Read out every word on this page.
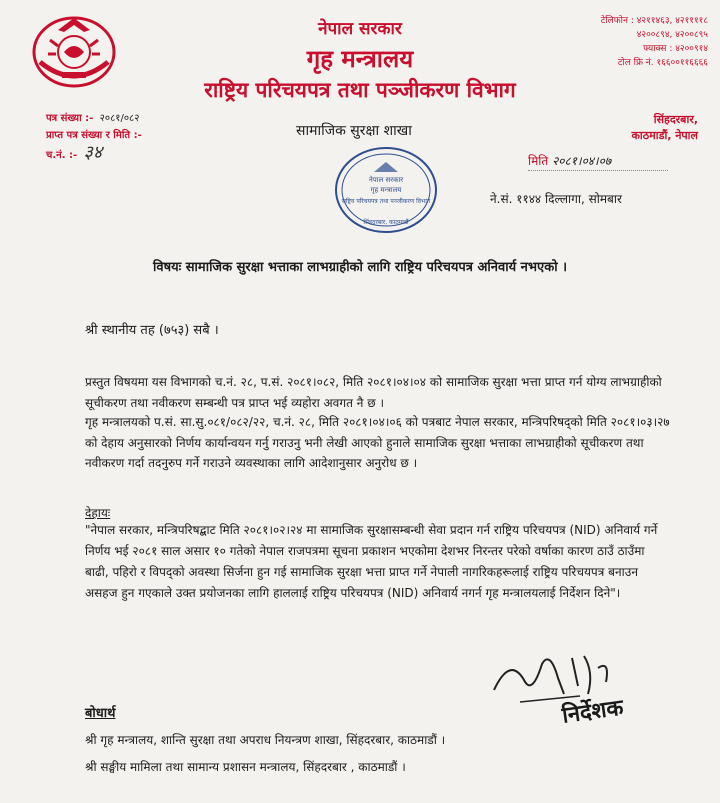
नेपाल सरकार
गृह मन्त्रालय
राष्ट्रिय परिचयपत्र तथा पञ्जीकरण विभाग
टेलिफोन : ४२११४६३, ४२११११८
४२००८९४, ४२००८९५
फ्याक्स : ४२००९१४
टोल फ्रि नं. १६६००११६६६६
पत्र संख्या :- २०८१/०८२
प्राप्त पत्र संख्या र मिति :-
च.नं. :- ३४
सामाजिक सुरक्षा शाखा
नेपाल सरकार
गृह मन्त्रालय
राष्ट्रिय परिचयपत्र तथा पञ्जीकरण विभाग
सिंहदरबार, काठमाडौं
सिंहदरबार,
काठमाडौं, नेपाल
मिति २०८१।०४।०७
ने.सं. ११४४ दिल्लागा, सोमबार
विषयः सामाजिक सुरक्षा भत्ताका लाभग्राहीको लागि राष्ट्रिय परिचयपत्र अनिवार्य नभएको ।
श्री स्थानीय तह (७५३) सबै ।
प्रस्तुत विषयमा यस विभागको च.नं. २८, प.सं. २०८१।०८२, मिति २०८१।०४।०४ को सामाजिक सुरक्षा भत्ता प्राप्त गर्न योग्य लाभग्राहीको सूचीकरण तथा नवीकरण सम्बन्धी पत्र प्राप्त भई व्यहोरा अवगत नै छ ।
गृह मन्त्रालयको प.सं. सा.सु.०८१/०८२/२२, च.नं. २८, मिति २०८१।०४।०६ को पत्रबाट नेपाल सरकार, मन्त्रिपरिषद्को मिति २०८१।०३।२७ को देहाय अनुसारको निर्णय कार्यान्वयन गर्नु गराउनु भनी लेखी आएको हुनाले सामाजिक सुरक्षा भत्ताका लाभग्राहीको सूचीकरण तथा नवीकरण गर्दा तदनुरुप गर्ने गराउने व्यवस्थाका लागि आदेशानुसार अनुरोध छ ।
देहायः
"नेपाल सरकार, मन्त्रिपरिषद्बाट मिति २०८१।०२।२४ मा सामाजिक सुरक्षासम्बन्धी सेवा प्रदान गर्न राष्ट्रिय परिचयपत्र (NID) अनिवार्य गर्ने निर्णय भई २०८१ साल असार १० गतेको नेपाल राजपत्रमा सूचना प्रकाशन भएकोमा देशभर निरन्तर परेको वर्षाका कारण ठाउँ ठाउँमा बाढी, पहिरो र विपद्को अवस्था सिर्जना हुन गई सामाजिक सुरक्षा भत्ता प्राप्त गर्ने नेपाली नागरिकहरूलाई राष्ट्रिय परिचयपत्र बनाउन असहज हुन गएकाले उक्त प्रयोजनका लागि हाललाई राष्ट्रिय परिचयपत्र (NID) अनिवार्य नगर्न गृह मन्त्रालयलाई निर्देशन दिने"।
निर्देशक
बोधार्थ
श्री गृह मन्त्रालय, शान्ति सुरक्षा तथा अपराध नियन्त्रण शाखा, सिंहदरबार, काठमाडौं ।
श्री सङ्घीय मामिला तथा सामान्य प्रशासन मन्त्रालय, सिंहदरबार , काठमाडौं ।
